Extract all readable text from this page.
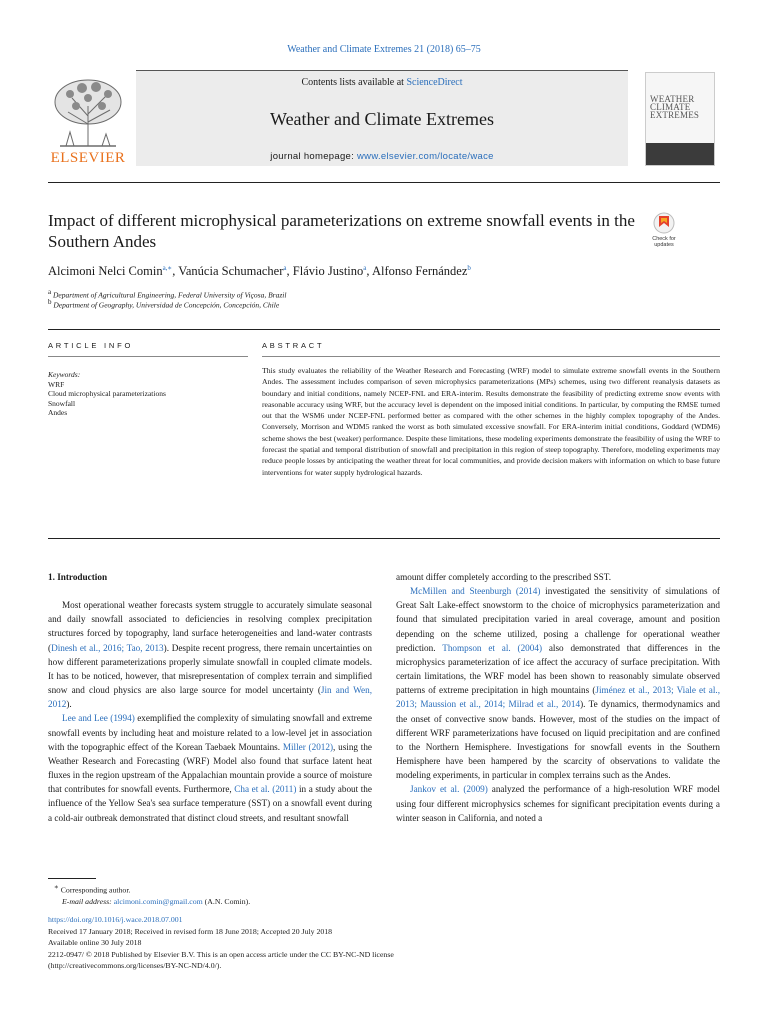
Weather and Climate Extremes 21 (2018) 65–75
ELSEVIER
Contents lists available at ScienceDirect
Weather and Climate Extremes
journal homepage: www.elsevier.com/locate/wace
WEATHER
CLIMATE
EXTREMES
Impact of different microphysical parameterizations on extreme snowfall events in the Southern Andes	Check for updates
Alcimoni Nelci Comin$^{a,∗}$, Vanúcia Schumacher$^a$, Flávio Justino$^a$, Alfonso Fernández$^b$
$^a$ Department of Agricultural Engineering, Federal University of Viçosa, Brazil
$^b$ Department of Geography, Universidad de Concepción, Concepción, Chile
ARTICLE INFO	ABSTRACT
Keywords:
WRF
Cloud microphysical parameterizations
Snowfall
Andes
This study evaluates the reliability of the Weather Research and Forecasting (WRF) model to simulate extreme snowfall events in the Southern Andes. The assessment includes comparison of seven microphysics parameterizations (MPs) schemes, using two different reanalysis datasets as boundary and initial conditions, namely NCEP-FNL and ERA-interim. Results demonstrate the feasibility of predicting extreme snow events with reasonable accuracy using WRF, but the accuracy level is dependent on the imposed initial conditions. In particular, by computing the RMSE turned out that the WSM6 under NCEP-FNL performed better as compared with the other schemes in the highly complex topography of the Andes. Conversely, Morrison and WDM5 ranked the worst as both simulated excessive snowfall. For ERA-interim initial conditions, Goddard (WDM6) scheme shows the best (weaker) performance. Despite these limitations, these modeling experiments demonstrate the feasibility of using the WRF to forecast the spatial and temporal distribution of snowfall and precipitation in this region of steep topography. Therefore, modeling experiments may reduce people losses by anticipating the weather threat for local communities, and provide decision makers with information on which to base future interventions for water supply hydrological hazards.
1. Introduction

Most operational weather forecasts system struggle to accurately simulate seasonal and daily snowfall associated to deficiencies in resolving complex precipitation structures forced by topography, land surface heterogeneities and land-water contrasts (Dinesh et al., 2016; Tao, 2013). Despite recent progress, there remain uncertainties on how different parameterizations properly simulate snowfall in coupled climate models. It has to be noticed, however, that misrepresentation of complex terrain and simplified snow and cloud physics are also large source for model uncertainty (Jin and Wen, 2012).

Lee and Lee (1994) exemplified the complexity of simulating snowfall and extreme snowfall events by including heat and moisture related to a low-level jet in association with the topographic effect of the Korean Taebaek Mountains. Miller (2012), using the Weather Research and Forecasting (WRF) Model also found that surface latent heat fluxes in the region upstream of the Appalachian mountain provide a source of moisture that contributes for snowfall events. Furthermore, Cha et al. (2011) in a study about the influence of the Yellow Sea's sea surface temperature (SST) on a snowfall event during a cold-air outbreak demonstrated that distinct cloud streets, and resultant snowfall

amount differ completely according to the prescribed SST.

McMillen and Steenburgh (2014) investigated the sensitivity of simulations of Great Salt Lake-effect snowstorm to the choice of microphysics parameterization and found that simulated precipitation varied in areal coverage, amount and position depending on the scheme utilized, posing a challenge for operational weather prediction. Thompson et al. (2004) also demonstrated that differences in the microphysics parameterization of ice affect the accuracy of surface precipitation. With certain limitations, the WRF model has been shown to reasonably simulate observed patterns of extreme precipitation in high mountains (Jiménez et al., 2013; Viale et al., 2013; Maussion et al., 2014; Milrad et al., 2014). Te dynamics, thermodynamics and the onset of convective snow bands. However, most of the studies on the impact of different WRF parameterizations have focused on liquid precipitation and are confined to the Northern Hemisphere. Investigations for snowfall events in the Southern Hemisphere have been hampered by the scarcity of observations to validate the modeling experiments, in particular in complex terrains such as the Andes.

Jankov et al. (2009) analyzed the performance of a high-resolution WRF model using four different microphysics schemes for significant precipitation events during a winter season in California, and noted a

∗ Corresponding author.
E-mail address: alcimoni.comin@gmail.com (A.N. Comin).
https://doi.org/10.1016/j.wace.2018.07.001
Received 17 January 2018; Received in revised form 18 June 2018; Accepted 20 July 2018
Available online 30 July 2018
2212-0947/ © 2018 Published by Elsevier B.V. This is an open access article under the CC BY-NC-ND license
(http://creativecommons.org/licenses/BY-NC-ND/4.0/).
